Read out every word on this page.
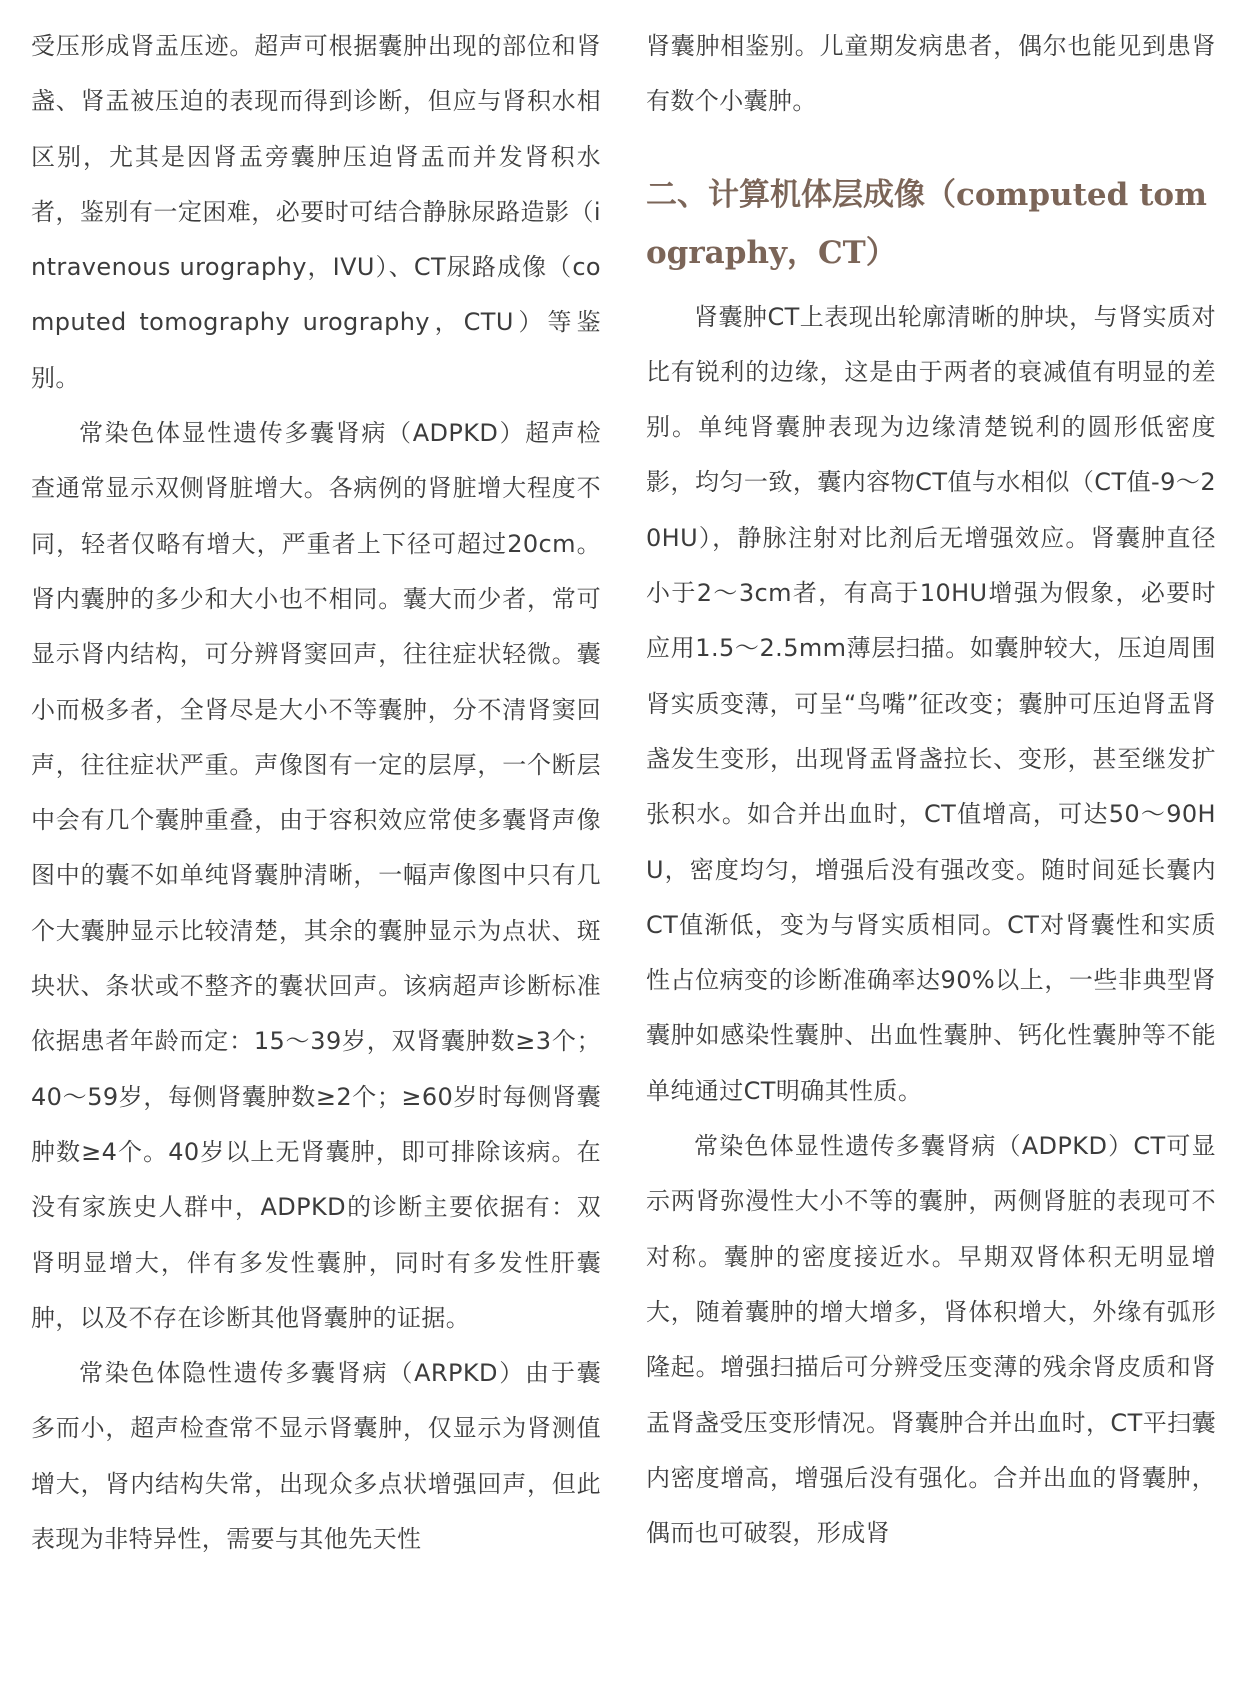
受压形成肾盂压迹。超声可根据囊肿出现的部位和肾盏、肾盂被压迫的表现而得到诊断，但应与肾积水相区别，尤其是因肾盂旁囊肿压迫肾盂而并发肾积水者，鉴别有一定困难，必要时可结合静脉尿路造影（intravenous urography，IVU）、CT尿路成像（computed tomography urography，CTU）等鉴别。

常染色体显性遗传多囊肾病（ADPKD）超声检查通常显示双侧肾脏增大。各病例的肾脏增大程度不同，轻者仅略有增大，严重者上下径可超过20cm。肾内囊肿的多少和大小也不相同。囊大而少者，常可显示肾内结构，可分辨肾窦回声，往往症状轻微。囊小而极多者，全肾尽是大小不等囊肿，分不清肾窦回声，往往症状严重。声像图有一定的层厚，一个断层中会有几个囊肿重叠，由于容积效应常使多囊肾声像图中的囊不如单纯肾囊肿清晰，一幅声像图中只有几个大囊肿显示比较清楚，其余的囊肿显示为点状、斑块状、条状或不整齐的囊状回声。该病超声诊断标准依据患者年龄而定：15～39岁，双肾囊肿数≥3个；40～59岁，每侧肾囊肿数≥2个；≥60岁时每侧肾囊肿数≥4个。40岁以上无肾囊肿，即可排除该病。在没有家族史人群中，ADPKD的诊断主要依据有：双肾明显增大，伴有多发性囊肿，同时有多发性肝囊肿，以及不存在诊断其他肾囊肿的证据。

常染色体隐性遗传多囊肾病（ARPKD）由于囊多而小，超声检查常不显示肾囊肿，仅显示为肾测值增大，肾内结构失常，出现众多点状增强回声，但此表现为非特异性，需要与其他先天性

肾囊肿相鉴别。儿童期发病患者，偶尔也能见到患肾有数个小囊肿。

二、计算机体层成像（computed tomography，CT）

肾囊肿CT上表现出轮廓清晰的肿块，与肾实质对比有锐利的边缘，这是由于两者的衰减值有明显的差别。单纯肾囊肿表现为边缘清楚锐利的圆形低密度影，均匀一致，囊内容物CT值与水相似（CT值-9～20HU），静脉注射对比剂后无增强效应。肾囊肿直径小于2～3cm者，有高于10HU增强为假象，必要时应用1.5～2.5mm薄层扫描。如囊肿较大，压迫周围肾实质变薄，可呈“鸟嘴”征改变；囊肿可压迫肾盂肾盏发生变形，出现肾盂肾盏拉长、变形，甚至继发扩张积水。如合并出血时，CT值增高，可达50～90HU，密度均匀，增强后没有强改变。随时间延长囊内CT值渐低，变为与肾实质相同。CT对肾囊性和实质性占位病变的诊断准确率达90%以上，一些非典型肾囊肿如感染性囊肿、出血性囊肿、钙化性囊肿等不能单纯通过CT明确其性质。

常染色体显性遗传多囊肾病（ADPKD）CT可显示两肾弥漫性大小不等的囊肿，两侧肾脏的表现可不对称。囊肿的密度接近水。早期双肾体积无明显增大，随着囊肿的增大增多，肾体积增大，外缘有弧形隆起。增强扫描后可分辨受压变薄的残余肾皮质和肾盂肾盏受压变形情况。肾囊肿合并出血时，CT平扫囊内密度增高，增强后没有强化。合并出血的肾囊肿，偶而也可破裂，形成肾
